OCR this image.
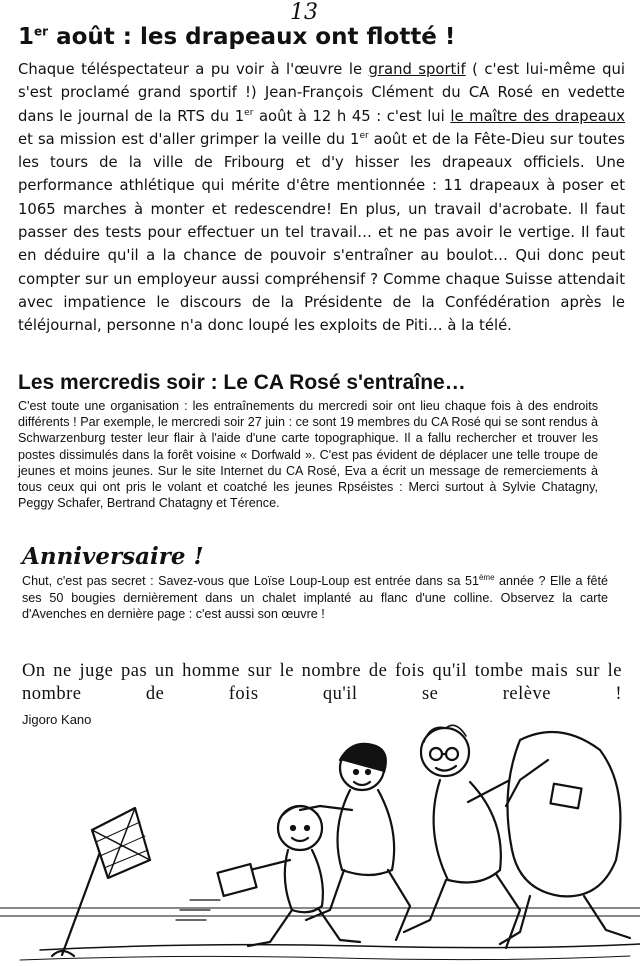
13
1er août : les drapeaux ont flotté !

Chaque téléspectateur a pu voir à l'œuvre le grand sportif ( c'est lui-même qui s'est proclamé grand sportif !) Jean-François Clément du CA Rosé en vedette dans le journal de la RTS du 1er août à 12 h 45 : c'est lui le maître des drapeaux et sa mission est d'aller grimper la veille du 1er août et de la Fête-Dieu sur toutes les tours de la ville de Fribourg et d'y hisser les drapeaux officiels. Une performance athlétique qui mérite d'être mentionnée : 11 drapeaux à poser et 1065 marches à monter et redescendre! En plus, un travail d'acrobate. Il faut passer des tests pour effectuer un tel travail… et ne pas avoir le vertige. Il faut en déduire qu'il a la chance de pouvoir s'entraîner au boulot… Qui donc peut compter sur un employeur aussi compréhensif ? Comme chaque Suisse attendait avec impatience le discours de la Présidente de la Confédération après le téléjournal, personne n'a donc loupé les exploits de Piti… à la télé.

Les mercredis soir : Le CA Rosé s'entraîne…

C'est toute une organisation : les entraînements du mercredi soir ont lieu chaque fois à des endroits différents ! Par exemple, le mercredi soir 27 juin : ce sont 19 membres du CA Rosé qui se sont rendus à Schwarzenburg tester leur flair à l'aide d'une carte topographique. Il a fallu rechercher et trouver les postes dissimulés dans la forêt voisine « Dorfwald ». C'est pas évident de déplacer une telle troupe de jeunes et moins jeunes. Sur le site Internet du CA Rosé, Eva a écrit un message de remerciements à tous ceux qui ont pris le volant et coatché les jeunes Rpséistes : Merci surtout à Sylvie Chatagny, Peggy Schafer, Bertrand Chatagny et Térence.

Anniversaire !

Chut, c'est pas secret : Savez-vous que Loïse Loup-Loup est entrée dans sa 51ème année ? Elle a fêté ses 50 bougies dernièrement dans un chalet implanté au flanc d'une colline. Observez la carte d'Avenches en dernière page : c'est aussi son œuvre !

On ne juge pas un homme sur le nombre de fois qu'il tombe mais sur le nombre de fois qu'il se relève !

Jigoro Kano
